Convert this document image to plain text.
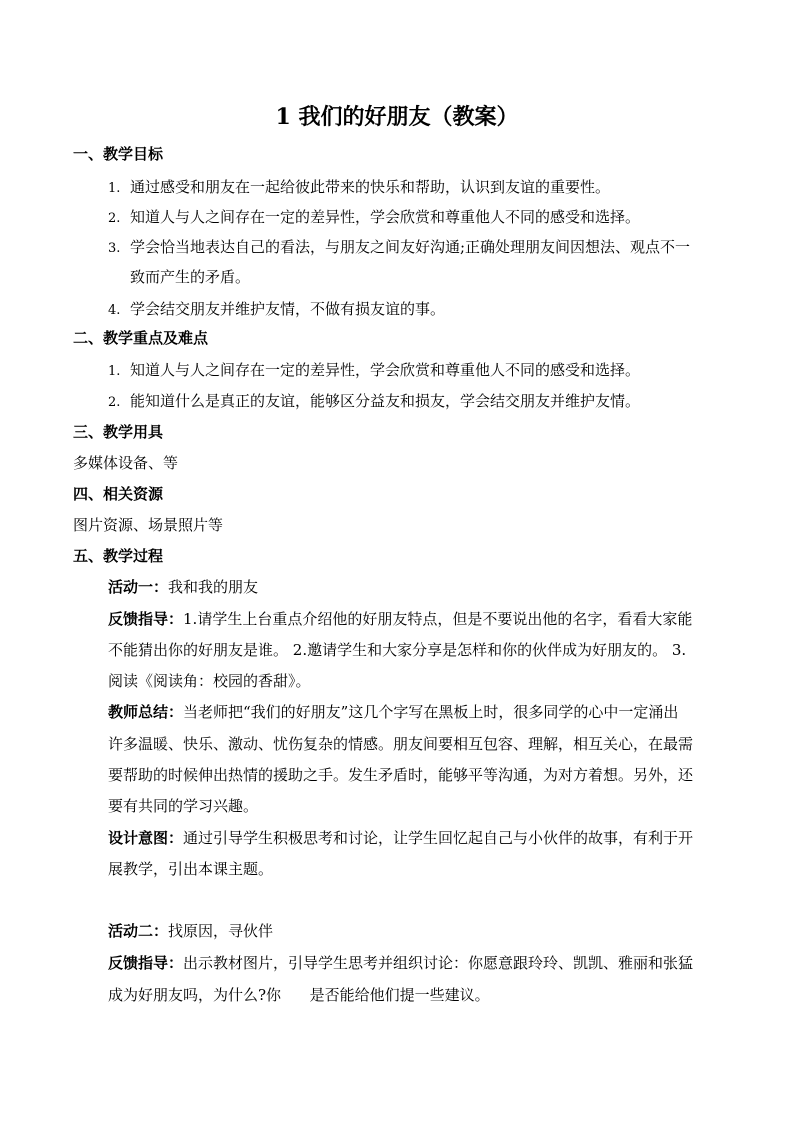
1 我们的好朋友（教案）
一、教学目标
1. 通过感受和朋友在一起给彼此带来的快乐和帮助，认识到友谊的重要性。
2. 知道人与人之间存在一定的差异性，学会欣赏和尊重他人不同的感受和选择。
3. 学会恰当地表达自己的看法，与朋友之间友好沟通;正确处理朋友间因想法、观点不一
致而产生的矛盾。
4. 学会结交朋友并维护友情，不做有损友谊的事。
二、教学重点及难点
1. 知道人与人之间存在一定的差异性，学会欣赏和尊重他人不同的感受和选择。
2. 能知道什么是真正的友谊，能够区分益友和损友，学会结交朋友并维护友情。
三、教学用具
多媒体设备、等
四、相关资源
图片资源、场景照片等
五、教学过程
活动一：我和我的朋友
反馈指导：1.请学生上台重点介绍他的好朋友特点，但是不要说出他的名字，看看大家能
不能猜出你的好朋友是谁。 2.邀请学生和大家分享是怎样和你的伙伴成为好朋友的。 3.
阅读《阅读角：校园的香甜》。
教师总结：当老师把“我们的好朋友”这几个字写在黑板上时，很多同学的心中一定涌出
许多温暖、快乐、激动、忧伤复杂的情感。朋友间要相互包容、理解，相互关心，在最需
要帮助的时候伸出热情的援助之手。发生矛盾时，能够平等沟通，为对方着想。另外，还
要有共同的学习兴趣。
设计意图：通过引导学生积极思考和讨论，让学生回忆起自己与小伙伴的故事，有利于开
展教学，引出本课主题。
活动二：找原因，寻伙伴
反馈指导：出示教材图片，引导学生思考并组织讨论：你愿意跟玲玲、凯凯、雅丽和张猛
成为好朋友吗，为什么?你      是否能给他们提一些建议。
